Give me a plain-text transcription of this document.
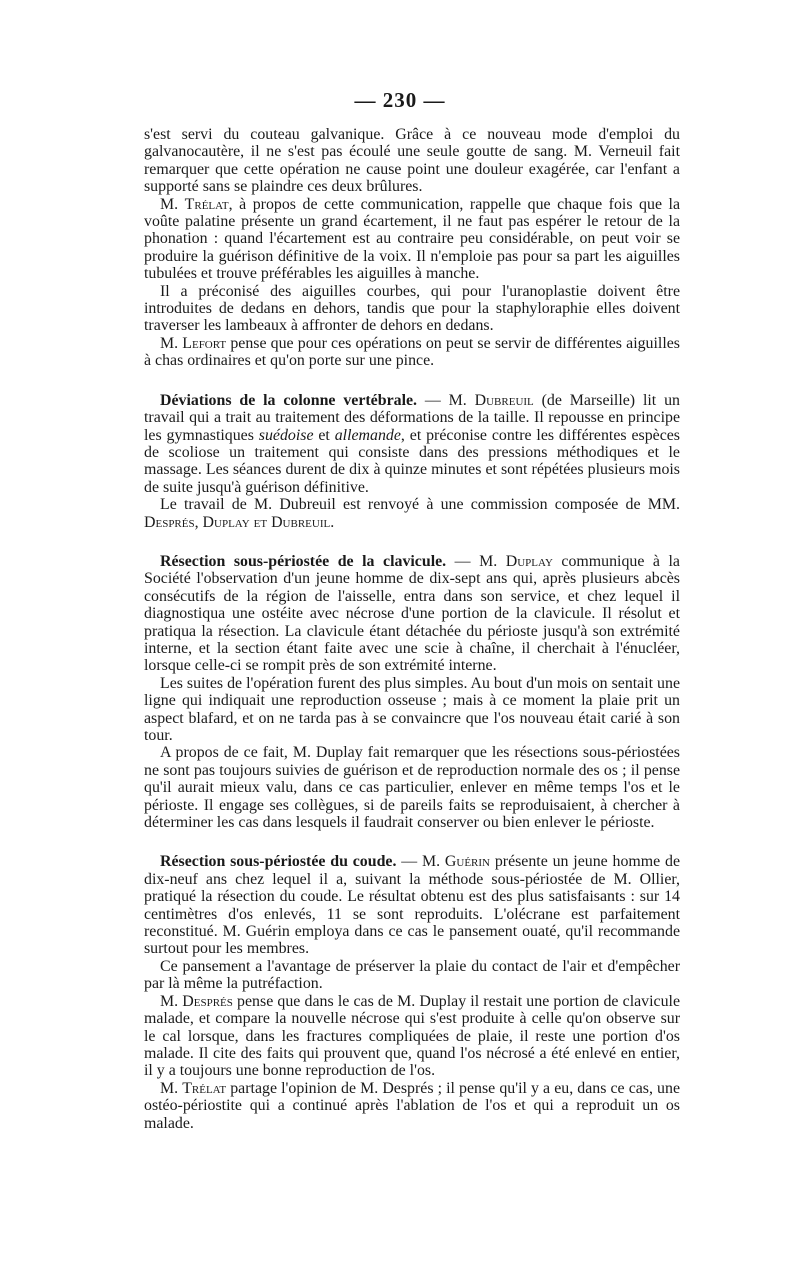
— 230 —

s'est servi du couteau galvanique. Grâce à ce nouveau mode d'emploi du galvanocautère, il ne s'est pas écoulé une seule goutte de sang. M. Verneuil fait remarquer que cette opération ne cause point une douleur exagérée, car l'enfant a supporté sans se plaindre ces deux brûlures.

M. Trélat, à propos de cette communication, rappelle que chaque fois que la voûte palatine présente un grand écartement, il ne faut pas espérer le retour de la phonation : quand l'écartement est au contraire peu considérable, on peut voir se produire la guérison définitive de la voix. Il n'emploie pas pour sa part les aiguilles tubulées et trouve préférables les aiguilles à manche.

Il a préconisé des aiguilles courbes, qui pour l'uranoplastie doivent être introduites de dedans en dehors, tandis que pour la staphyloraphie elles doivent traverser les lambeaux à affronter de dehors en dedans.

M. Lefort pense que pour ces opérations on peut se servir de différentes aiguilles à chas ordinaires et qu'on porte sur une pince.

Déviations de la colonne vertébrale. — M. Dubreuil (de Marseille) lit un travail qui a trait au traitement des déformations de la taille. Il repousse en principe les gymnastiques suédoise et allemande, et préconise contre les différentes espèces de scoliose un traitement qui consiste dans des pressions méthodiques et le massage. Les séances durent de dix à quinze minutes et sont répétées plusieurs mois de suite jusqu'à guérison définitive.

Le travail de M. Dubreuil est renvoyé à une commission composée de MM. Després, Duplay et Dubreuil.

Résection sous-périostée de la clavicule. — M. Duplay communique à la Société l'observation d'un jeune homme de dix-sept ans qui, après plusieurs abcès consécutifs de la région de l'aisselle, entra dans son service, et chez lequel il diagnostiqua une ostéite avec nécrose d'une portion de la clavicule. Il résolut et pratiqua la résection. La clavicule étant détachée du périoste jusqu'à son extrémité interne, et la section étant faite avec une scie à chaîne, il cherchait à l'énucléer, lorsque celle-ci se rompit près de son extrémité interne.

Les suites de l'opération furent des plus simples. Au bout d'un mois on sentait une ligne qui indiquait une reproduction osseuse ; mais à ce moment la plaie prit un aspect blafard, et on ne tarda pas à se convaincre que l'os nouveau était carié à son tour.

A propos de ce fait, M. Duplay fait remarquer que les résections sous-périostées ne sont pas toujours suivies de guérison et de reproduction normale des os ; il pense qu'il aurait mieux valu, dans ce cas particulier, enlever en même temps l'os et le périoste. Il engage ses collègues, si de pareils faits se reproduisaient, à chercher à déterminer les cas dans lesquels il faudrait conserver ou bien enlever le périoste.

Résection sous-périostée du coude. — M. Guérin présente un jeune homme de dix-neuf ans chez lequel il a, suivant la méthode sous-périostée de M. Ollier, pratiqué la résection du coude. Le résultat obtenu est des plus satisfaisants : sur 14 centimètres d'os enlevés, 11 se sont reproduits. L'olécrane est parfaitement reconstitué. M. Guérin employa dans ce cas le pansement ouaté, qu'il recommande surtout pour les membres.

Ce pansement a l'avantage de préserver la plaie du contact de l'air et d'empêcher par là même la putréfaction.

M. Després pense que dans le cas de M. Duplay il restait une portion de clavicule malade, et compare la nouvelle nécrose qui s'est produite à celle qu'on observe sur le cal lorsque, dans les fractures compliquées de plaie, il reste une portion d'os malade. Il cite des faits qui prouvent que, quand l'os nécrosé a été enlevé en entier, il y a toujours une bonne reproduction de l'os.

M. Trélat partage l'opinion de M. Després ; il pense qu'il y a eu, dans ce cas, une ostéo-périostite qui a continué après l'ablation de l'os et qui a reproduit un os malade.
